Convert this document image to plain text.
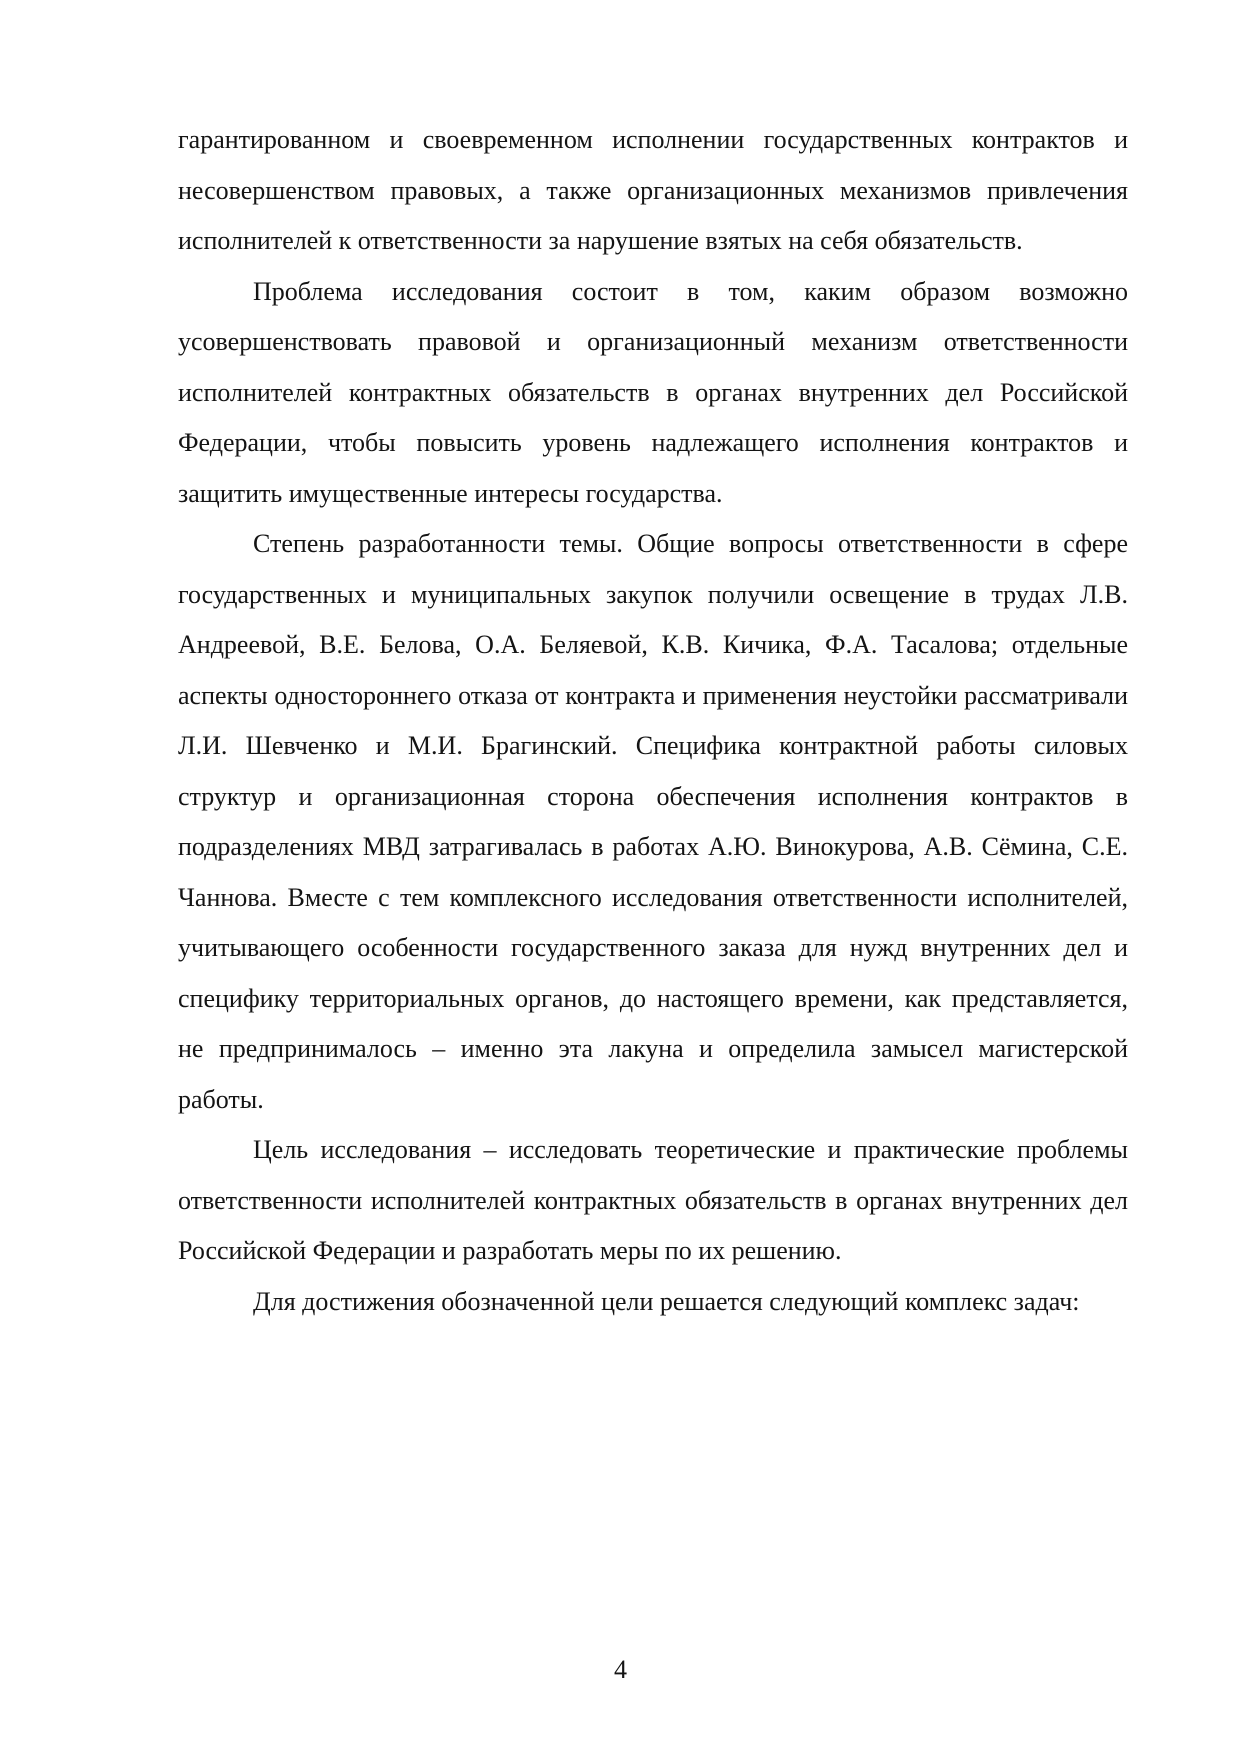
гарантированном и своевременном исполнении государственных контрактов и несовершенством правовых, а также организационных механизмов привлечения исполнителей к ответственности за нарушение взятых на себя обязательств.

Проблема исследования состоит в том, каким образом возможно усовершенствовать правовой и организационный механизм ответственности исполнителей контрактных обязательств в органах внутренних дел Российской Федерации, чтобы повысить уровень надлежащего исполнения контрактов и защитить имущественные интересы государства.

Степень разработанности темы. Общие вопросы ответственности в сфере государственных и муниципальных закупок получили освещение в трудах Л.В. Андреевой, В.Е. Белова, О.А. Беляевой, К.В. Кичика, Ф.А. Тасалова; отдельные аспекты одностороннего отказа от контракта и применения неустойки рассматривали Л.И. Шевченко и М.И. Брагинский. Специфика контрактной работы силовых структур и организационная сторона обеспечения исполнения контрактов в подразделениях МВД затрагивалась в работах А.Ю. Винокурова, А.В. Сёмина, С.Е. Чаннова. Вместе с тем комплексного исследования ответственности исполнителей, учитывающего особенности государственного заказа для нужд внутренних дел и специфику территориальных органов, до настоящего времени, как представляется, не предпринималось – именно эта лакуна и определила замысел магистерской работы.

Цель исследования – исследовать теоретические и практические проблемы ответственности исполнителей контрактных обязательств в органах внутренних дел Российской Федерации и разработать меры по их решению.

Для достижения обозначенной цели решается следующий комплекс задач:

4
